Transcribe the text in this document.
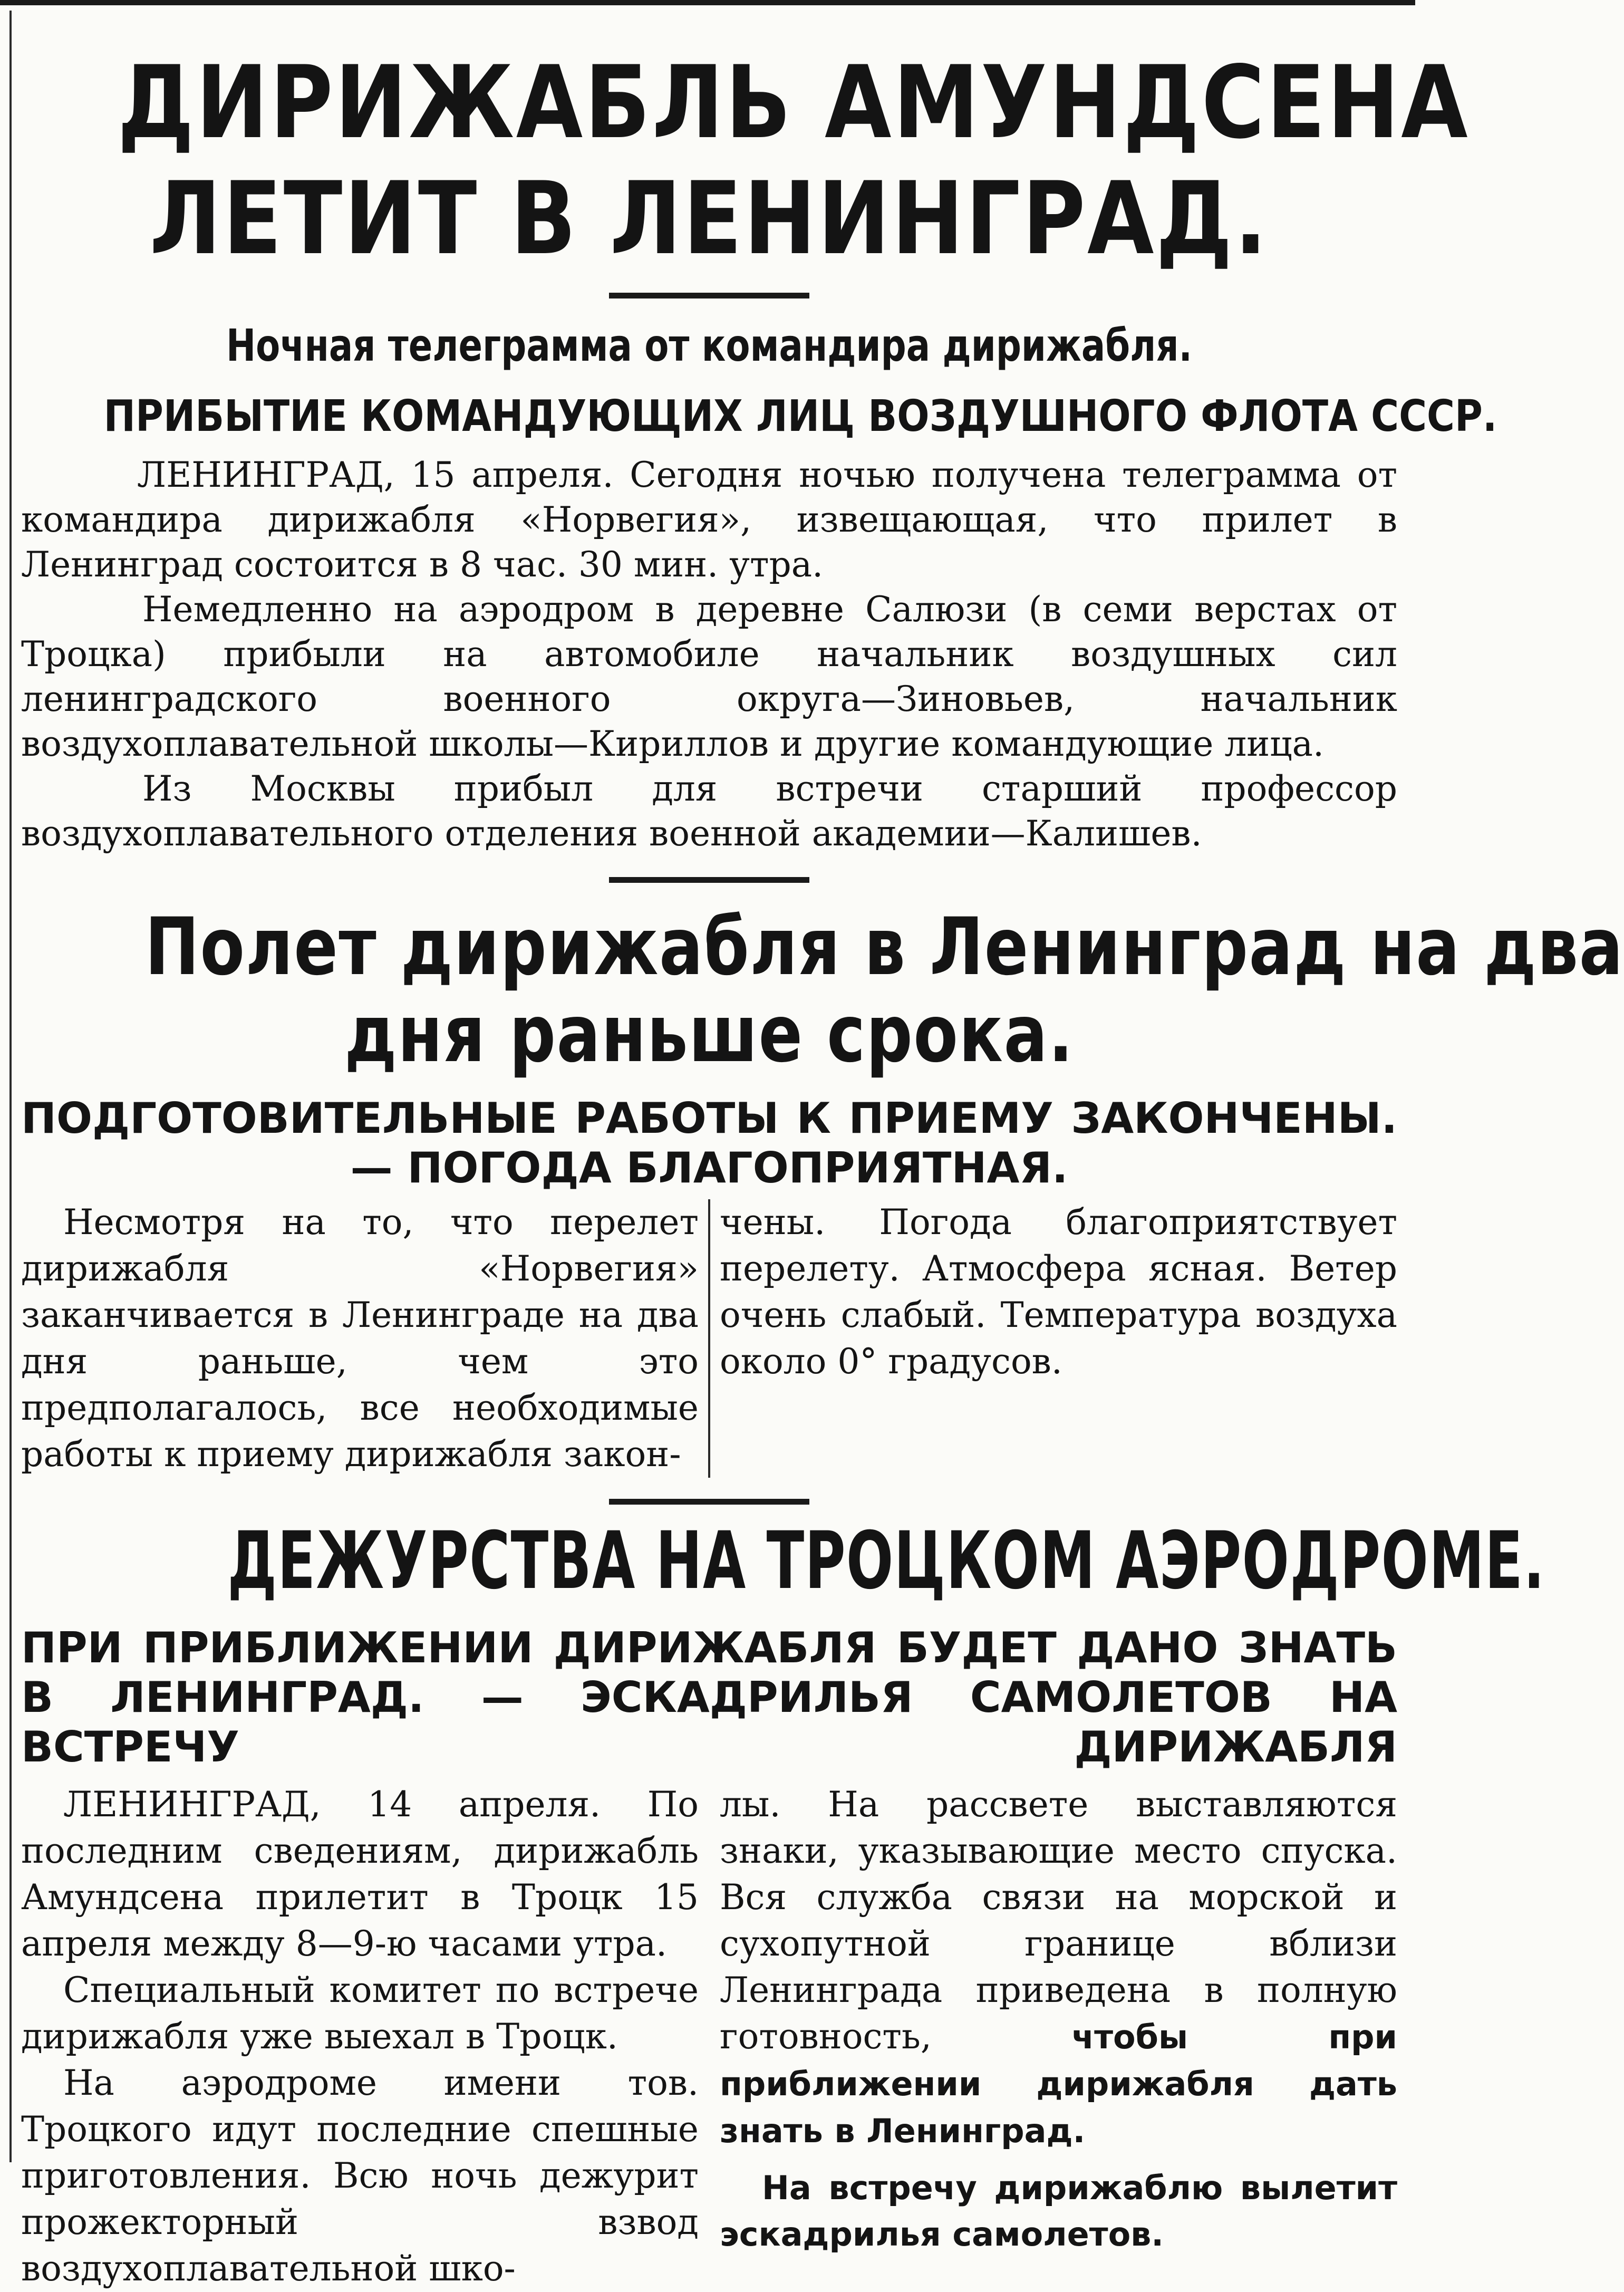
ДИРИЖАБЛЬ АМУНДСЕНА
ЛЕТИТ В ЛЕНИНГРАД.
Ночная телеграмма от командира дирижабля.
ПРИБЫТИЕ КОМАНДУЮЩИХ ЛИЦ ВОЗДУШНОГО ФЛОТА СССР.

ЛЕНИНГРАД, 15 апреля. Сегодня ночью получена телеграмма от командира дирижабля «Норвегия», извещающая, что прилет в Ленинград состоится в 8 час. 30 мин. утра.

Немедленно на аэродром в деревне Салюзи (в семи верстах от Троцка) прибыли на автомобиле начальник воздушных сил ленинградского военного округа—Зиновьев, начальник воздухоплавательной школы—Кириллов и другие командующие лица.

Из Москвы прибыл для встречи старший профессор воздухоплавательного отделения военной академии—Калишев.

Полет дирижабля в Ленинград на два
дня раньше срока.
ПОДГОТОВИТЕЛЬНЫЕ РАБОТЫ К ПРИЕМУ ЗАКОНЧЕНЫ. — ПОГОДА БЛАГОПРИЯТНАЯ.

Несмотря на то, что перелет дирижабля «Норвегия» заканчивается в Ленинграде на два дня раньше, чем это предполагалось, все необходимые работы к приему дирижабля закон-

чены. Погода благоприятствует перелету. Атмосфера ясная. Ветер очень слабый. Температура воздуха около 0° градусов.

ДЕЖУРСТВА НА ТРОЦКОМ АЭРОДРОМЕ.
ПРИ ПРИБЛИЖЕНИИ ДИРИЖАБЛЯ БУДЕТ ДАНО ЗНАТЬ В ЛЕНИНГРАД. — ЭСКАДРИЛЬЯ САМОЛЕТОВ НА ВСТРЕЧУ ДИРИЖАБЛЯ

ЛЕНИНГРАД, 14 апреля. По последним сведениям, дирижабль Амундсена прилетит в Троцк 15 апреля между 8—9-ю часами утра.

Специальный комитет по встрече дирижабля уже выехал в Троцк.

На аэродроме имени тов. Троцкого идут последние спешные приготовления. Всю ночь дежурит прожекторный взвод воздухоплавательной шко-

лы. На рассвете выставляются знаки, указывающие место спуска. Вся служба связи на морской и сухопутной границе вблизи Ленинграда приведена в полную готовность,	чтобы при приближении дирижабля дать знать в Ленинград.

На встречу дирижаблю вылетит эскадрилья самолетов.
